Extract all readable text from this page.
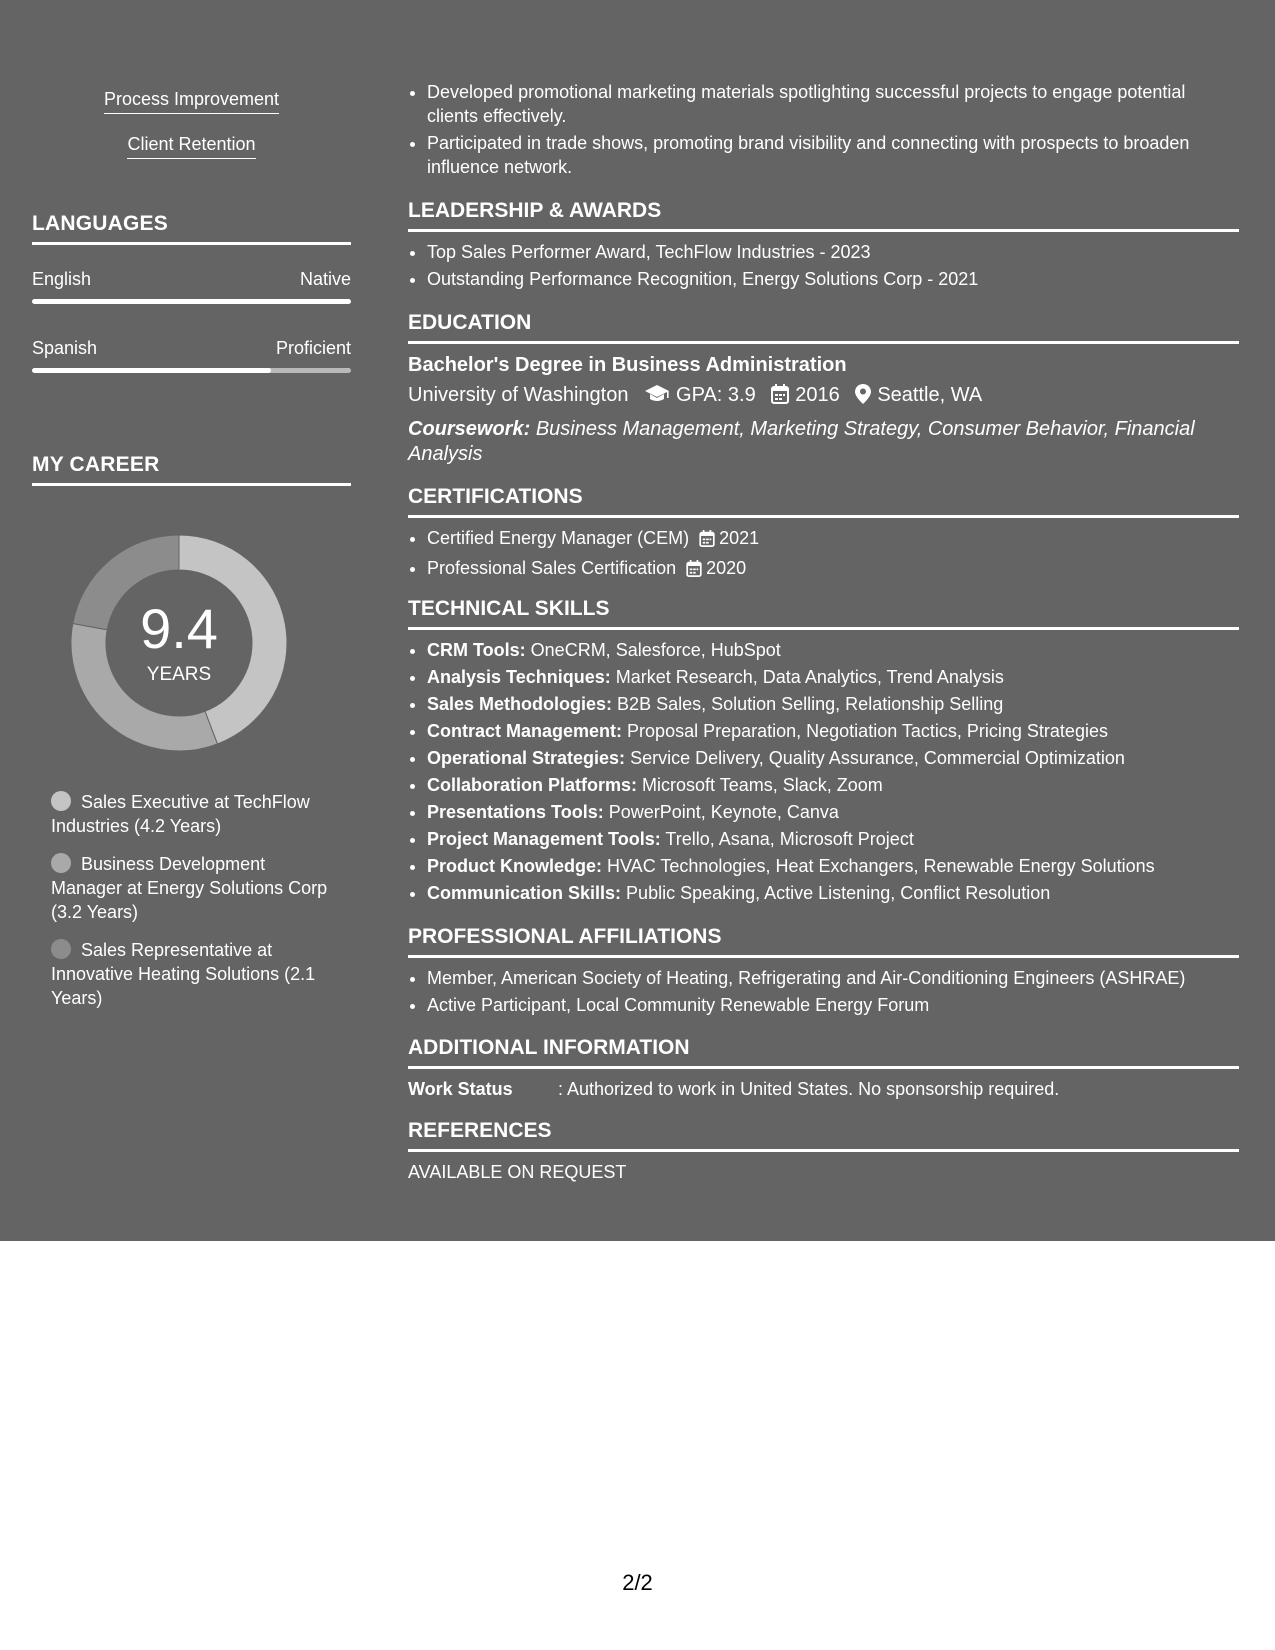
Process Improvement
Client Retention
LANGUAGES
English	Native
Spanish	Proficient
MY CAREER
9.4
YEARS
Sales Executive at TechFlow Industries (4.2 Years)
Business Development Manager at Energy Solutions Corp (3.2 Years)
Sales Representative at Innovative Heating Solutions (2.1 Years)
• Developed promotional marketing materials spotlighting successful projects to engage potential clients effectively.
• Participated in trade shows, promoting brand visibility and connecting with prospects to broaden influence network.
LEADERSHIP & AWARDS
• Top Sales Performer Award, TechFlow Industries - 2023
• Outstanding Performance Recognition, Energy Solutions Corp - 2021
EDUCATION
Bachelor's Degree in Business Administration
University of Washington GPA: 3.9 2016 Seattle, WA
Coursework: Business Management, Marketing Strategy, Consumer Behavior, Financial Analysis
CERTIFICATIONS
• Certified Energy Manager (CEM) 2021
• Professional Sales Certification 2020
TECHNICAL SKILLS
• CRM Tools: OneCRM, Salesforce, HubSpot
• Analysis Techniques: Market Research, Data Analytics, Trend Analysis
• Sales Methodologies: B2B Sales, Solution Selling, Relationship Selling
• Contract Management: Proposal Preparation, Negotiation Tactics, Pricing Strategies
• Operational Strategies: Service Delivery, Quality Assurance, Commercial Optimization
• Collaboration Platforms: Microsoft Teams, Slack, Zoom
• Presentations Tools: PowerPoint, Keynote, Canva
• Project Management Tools: Trello, Asana, Microsoft Project
• Product Knowledge: HVAC Technologies, Heat Exchangers, Renewable Energy Solutions
• Communication Skills: Public Speaking, Active Listening, Conflict Resolution
PROFESSIONAL AFFILIATIONS
• Member, American Society of Heating, Refrigerating and Air-Conditioning Engineers (ASHRAE)
• Active Participant, Local Community Renewable Energy Forum
ADDITIONAL INFORMATION
Work Status	: Authorized to work in United States. No sponsorship required.
REFERENCES
AVAILABLE ON REQUEST
2/2
